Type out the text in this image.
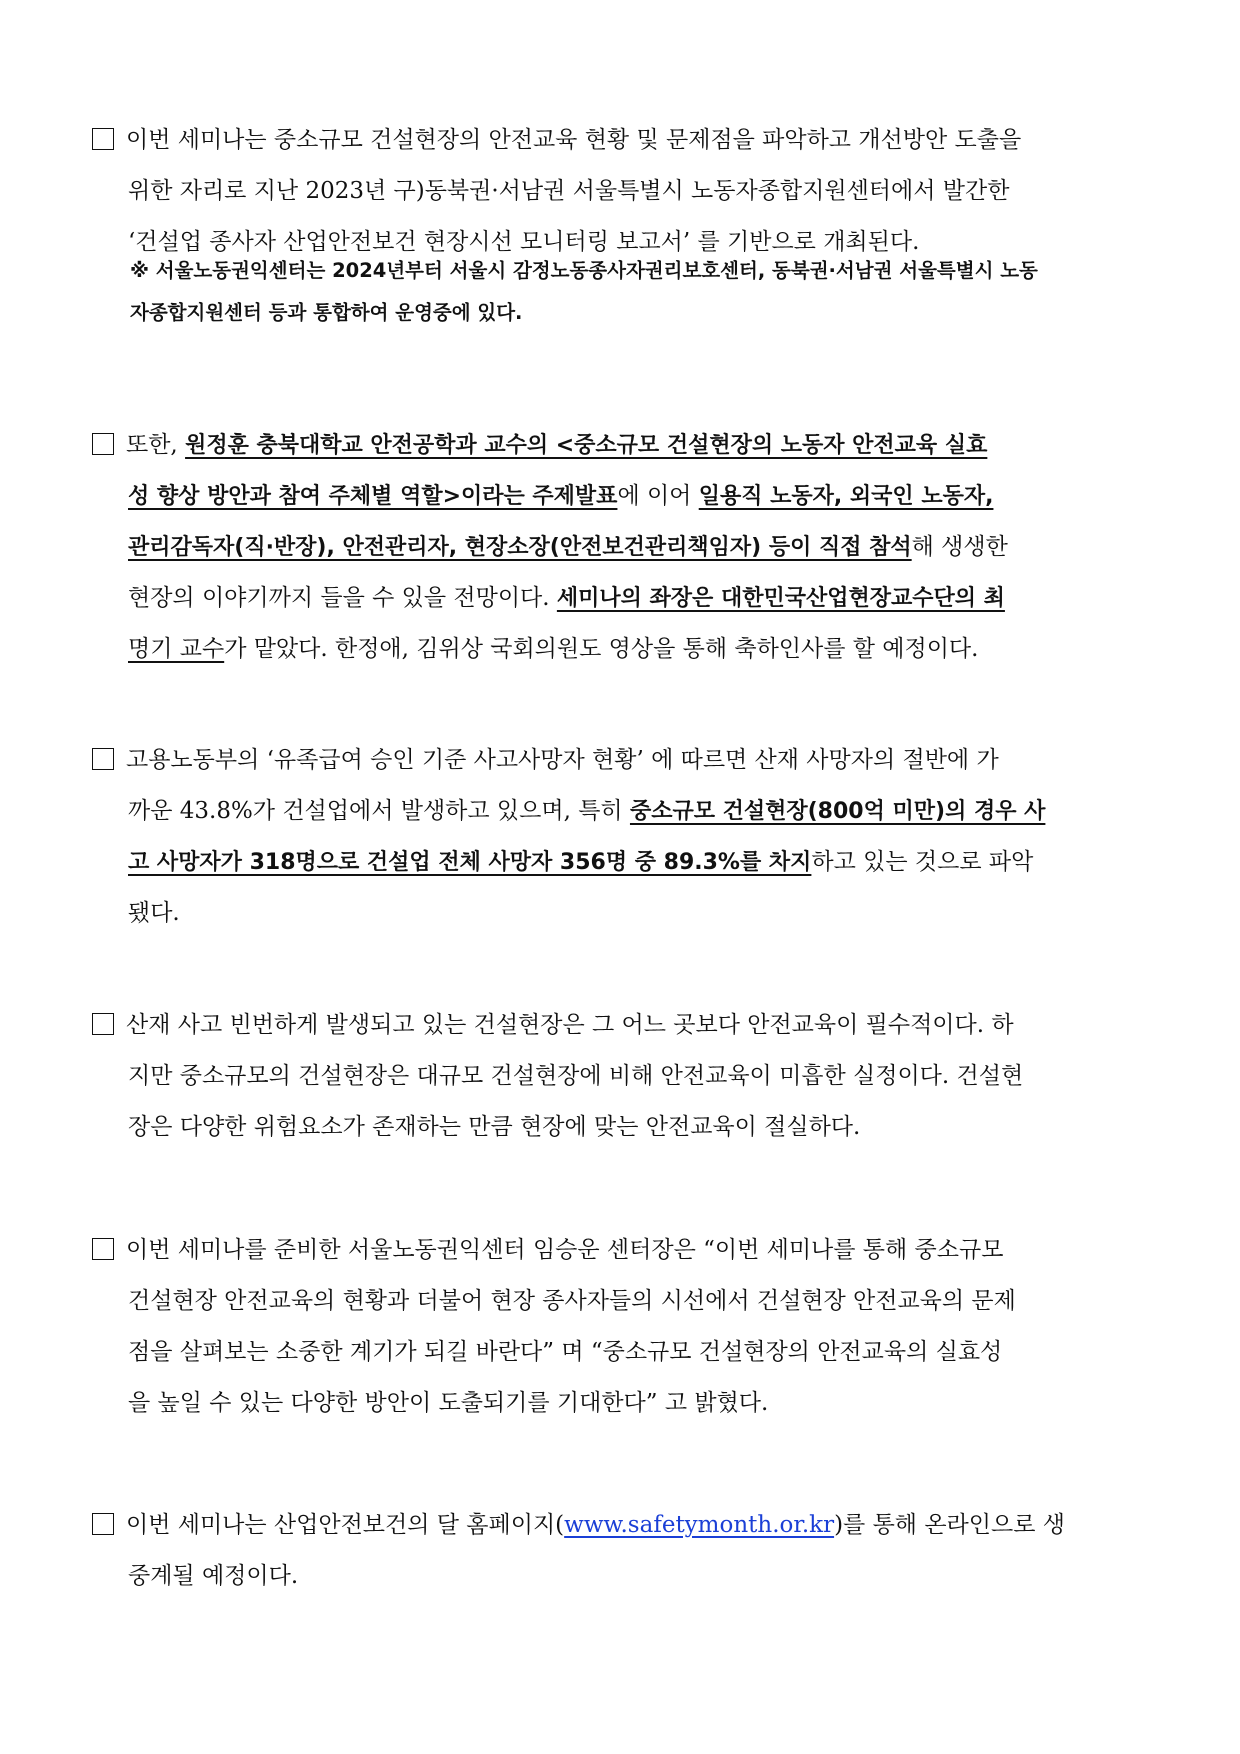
이번 세미나는 중소규모 건설현장의 안전교육 현황 및 문제점을 파악하고 개선방안 도출을
위한 자리로 지난 2023년 구)동북권·서남권 서울특별시 노동자종합지원센터에서 발간한
‘건설업 종사자 산업안전보건 현장시선 모니터링 보고서’ 를 기반으로 개최된다.
※ 서울노동권익센터는 2024년부터 서울시 감정노동종사자권리보호센터, 동북권·서남권 서울특별시 노동
자종합지원센터 등과 통합하여 운영중에 있다.
또한, 원정훈 충북대학교 안전공학과 교수의 <중소규모 건설현장의 노동자 안전교육 실효
성 향상 방안과 참여 주체별 역할>이라는 주제발표에 이어 일용직 노동자, 외국인 노동자,
관리감독자(직·반장), 안전관리자, 현장소장(안전보건관리책임자) 등이 직접 참석해 생생한
현장의 이야기까지 들을 수 있을 전망이다. 세미나의 좌장은 대한민국산업현장교수단의 최
명기 교수가 맡았다. 한정애, 김위상 국회의원도 영상을 통해 축하인사를 할 예정이다.
고용노동부의 ‘유족급여 승인 기준 사고사망자 현황’ 에 따르면 산재 사망자의 절반에 가
까운 43.8%가 건설업에서 발생하고 있으며, 특히 중소규모 건설현장(800억 미만)의 경우 사
고 사망자가 318명으로 건설업 전체 사망자 356명 중 89.3%를 차지하고 있는 것으로 파악
됐다.
산재 사고 빈번하게 발생되고 있는 건설현장은 그 어느 곳보다 안전교육이 필수적이다. 하
지만 중소규모의 건설현장은 대규모 건설현장에 비해 안전교육이 미흡한 실정이다. 건설현
장은 다양한 위험요소가 존재하는 만큼 현장에 맞는 안전교육이 절실하다.
이번 세미나를 준비한 서울노동권익센터 임승운 센터장은 “이번 세미나를 통해 중소규모
건설현장 안전교육의 현황과 더불어 현장 종사자들의 시선에서 건설현장 안전교육의 문제
점을 살펴보는 소중한 계기가 되길 바란다” 며 “중소규모 건설현장의 안전교육의 실효성
을 높일 수 있는 다양한 방안이 도출되기를 기대한다” 고 밝혔다.
이번 세미나는 산업안전보건의 달 홈페이지(www.safetymonth.or.kr)를 통해 온라인으로 생
중계될 예정이다.
